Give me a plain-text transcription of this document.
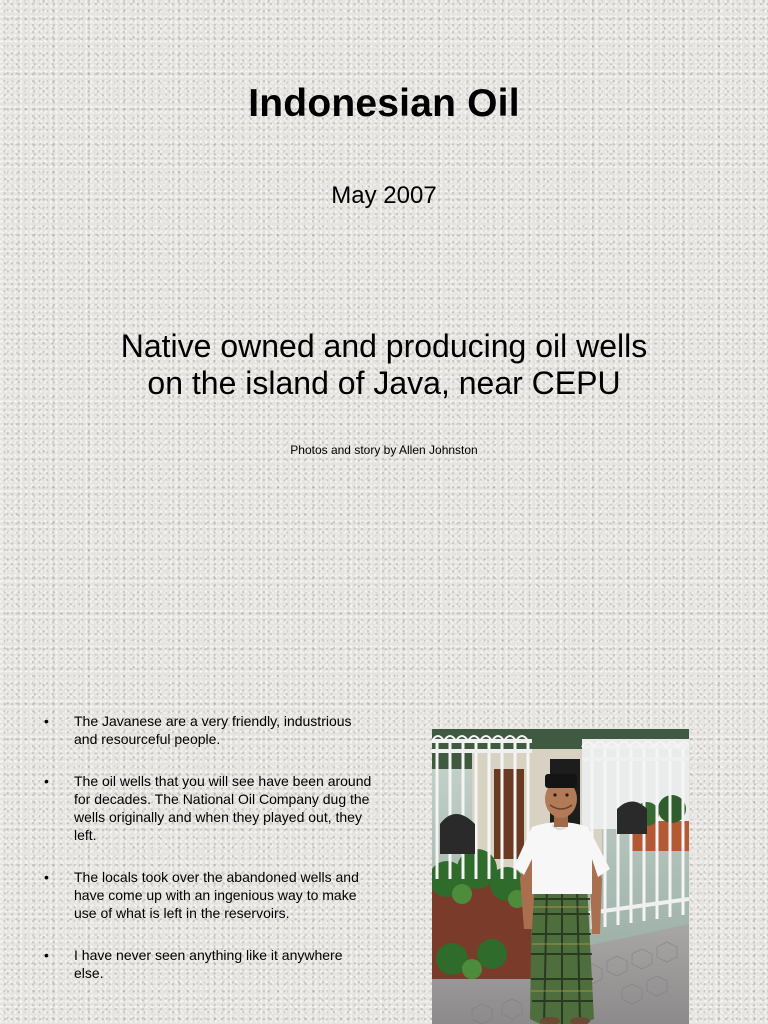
Indonesian Oil
May 2007
Native owned and producing oil wells on the island of Java, near CEPU
Photos and story by Allen Johnston
•	The Javanese are a very friendly, industrious and resourceful people.
•	The oil wells that you will see have been around for decades. The National Oil Company dug the wells originally and when they played out, they left.
•	The locals took over the abandoned wells and have come up with an ingenious way to make use of what is left in the reservoirs.
•	I have never seen anything like it anywhere else.
